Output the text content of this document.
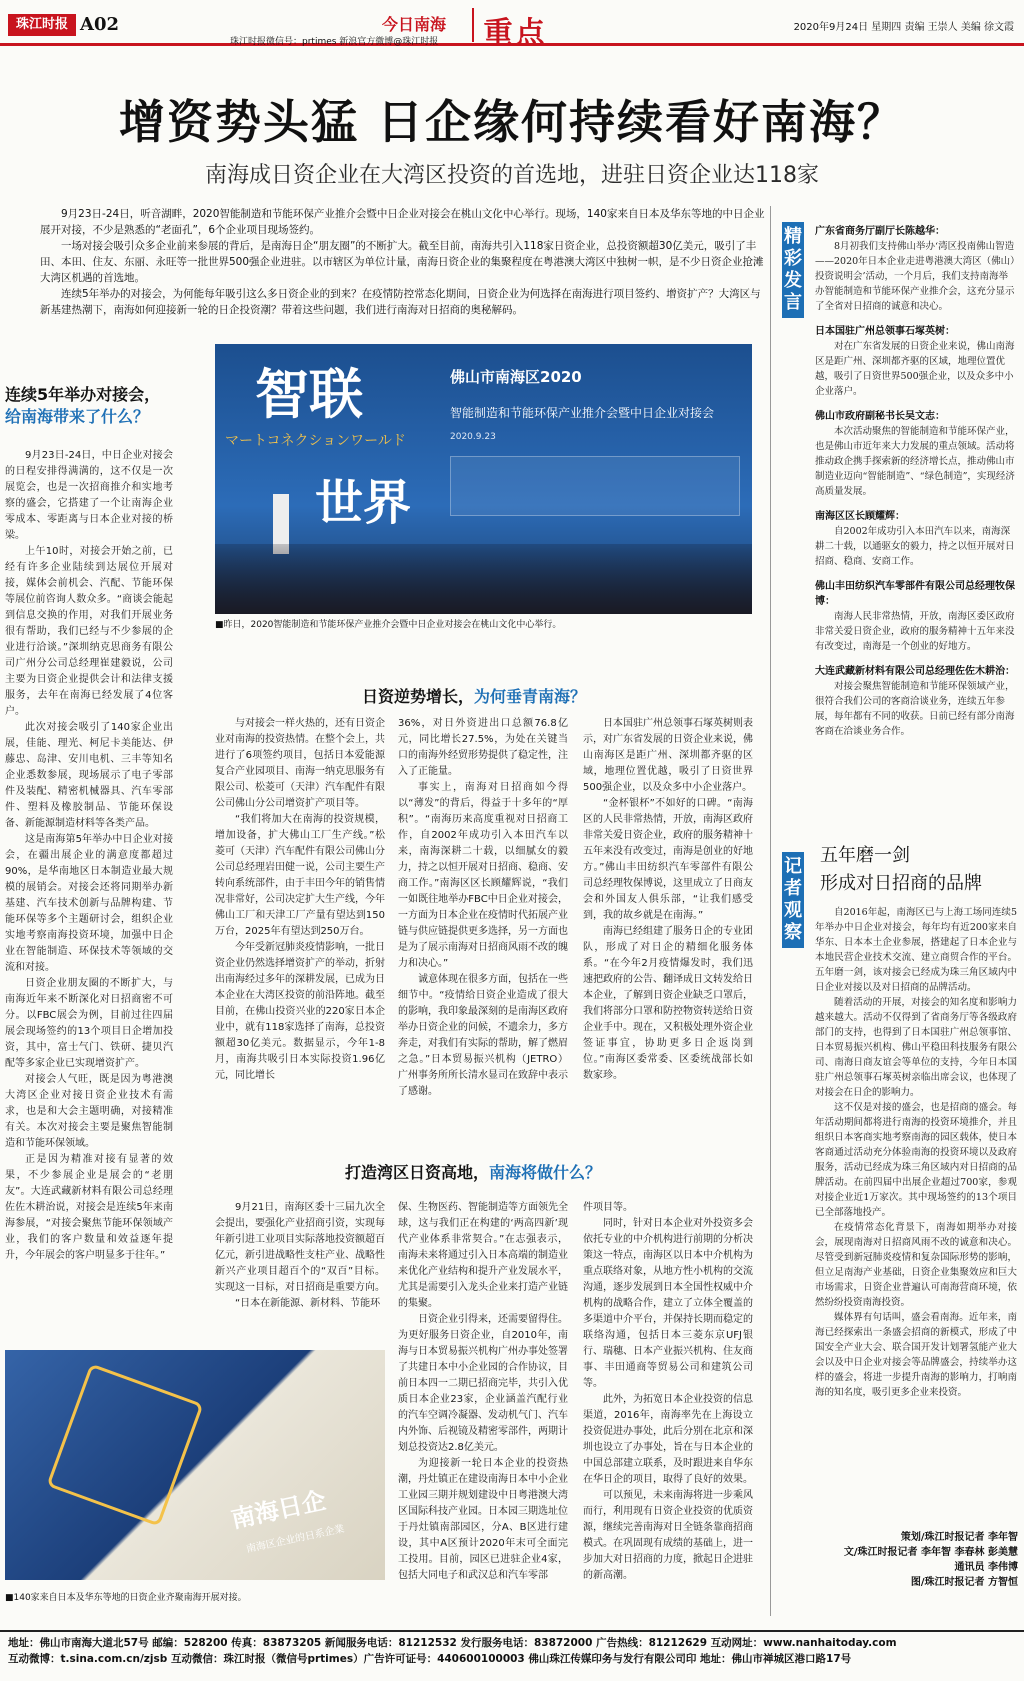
珠江时报 A02
珠江时报微信号：prtimes 新浪官方微博@珠江时报
今日南海 重点	2020年9月24日 星期四 责编 王崇人 美编 徐文霞
增资势头猛 日企缘何持续看好南海？
南海成日资企业在大湾区投资的首选地，进驻日资企业达118家

9月23日-24日，听音湖畔，2020智能制造和节能环保产业推介会暨中日企业对接会在桃山文化中心举行。现场，140家来自日本及华东等地的中日企业展开对接，不少是熟悉的“老面孔”，6个企业项目现场签约。

一场对接会吸引众多企业前来参展的背后，是南海日企“朋友圈”的不断扩大。截至目前，南海共引入118家日资企业，总投资额超30亿美元，吸引了丰田、本田、住友、东丽、永旺等一批世界500强企业进驻。以市辖区为单位计量，南海日资企业的集聚程度在粤港澳大湾区中独树一帜，是不少日资企业抢滩大湾区机遇的首选地。

连续5年举办的对接会，为何能每年吸引这么多日资企业的到来？在疫情防控常态化期间，日资企业为何选择在南海进行项目签约、增资扩产？大湾区与新基建热潮下，南海如何迎接新一轮的日企投资潮？带着这些问题，我们进行南海对日招商的奥秘解码。

连续5年举办对接会，
给南海带来了什么？

9月23日-24日，中日企业对接会的日程安排得满满的，这不仅是一次展览会，也是一次招商推介和实地考察的盛会，它搭建了一个让南海企业零成本、零距离与日本企业对接的桥梁。

上午10时，对接会开始之前，已经有许多企业陆续到达展位开展对接，媒体会前机会、汽配、节能环保等展位前咨询人数众多。“商谈会能起到信息交换的作用，对我们开展业务很有帮助，我们已经与不少参展的企业进行洽谈。”深圳纳克思商务有限公司广州分公司总经理崔建毅说，公司主要为日资企业提供会计和法律支援服务，去年在南海已经发展了4位客户。

此次对接会吸引了140家企业出展，佳能、理光、柯尼卡美能达、伊藤忠、岛津、安川电机、三丰等知名企业悉数参展，现场展示了电子零部件及装配、精密机械器具、汽车零部件、塑料及橡胶制品、节能环保设备、新能源制造材料等各类产品。

这是南海第5年举办中日企业对接会，在疆出展企业的满意度都超过90%，是华南地区日本制造业最大规模的展销会。对接会还将同期举办新基建、汽车技术创新与品牌构建、节能环保等多个主题研讨会，组织企业实地考察南海投资环境，加强中日企业在智能制造、环保技术等领域的交流和对接。

日资企业朋友圈的不断扩大，与南海近年来不断深化对日招商密不可分。以FBC展会为例，目前过往四届展会现场签约的13个项目日企增加投资，其中，富士气门、铁研、捷贝汽配等多家企业已实现增资扩产。

对接会人气旺，既是因为粤港澳大湾区企业对接日资企业技术有需求，也是和大会主题明确，对接精准有关。本次对接会主要是聚焦智能制造和节能环保领域。

正是因为精准对接有显著的效果，不少参展企业是展会的“老朋友”。大连武藏新材料有限公司总经理佐佐木耕治说，对接会是连续5年来南海参展，“对接会聚焦节能环保领域产业，我们的客户数量和效益逐年提升，今年展会的客户明显多于往年。”

智联
マートコネクションワールド
世界
佛山市南海区2020
智能制造和节能环保产业推介会暨中日企业对接会
2020.9.23
■昨日，2020智能制造和节能环保产业推介会暨中日企业对接会在桃山文化中心举行。
日资逆势增长，为何垂青南海？

与对接会一样火热的，还有日资企业对南海的投资热情。在整个会上，共进行了6项签约项目，包括日本爱能源复合产业园项目、南海一纳克思服务有限公司、松菱可（天津）汽车配件有限公司佛山分公司增资扩产项目等。

“我们将加大在南海的投资规模，增加设备，扩大佛山工厂生产线。”松菱可（天津）汽车配件有限公司佛山分公司总经理岩田健一说，公司主要生产转向系统部件，由于丰田今年的销售情况非常好，公司决定扩大生产线，今年佛山工厂和天津工厂产量有望达到150万台，2025年有望达到250万台。

今年受新冠肺炎疫情影响，一批日资企业仍然选择增资扩产的举动，折射出南海经过多年的深耕发展，已成为日本企业在大湾区投资的前沿阵地。截至目前，在佛山投资兴业的220家日本企业中，就有118家选择了南海，总投资额超30亿美元。数据显示，今年1-8月，南海共吸引日本实际投资1.96亿元，同比增长

36%，对日外资进出口总额76.8亿元，同比增长27.5%，为处在关键当口的南海外经贸形势提供了稳定性，注入了正能量。

事实上，南海对日招商如今得以“薄发”的背后，得益于十多年的“厚积”。“南海历来高度重视对日招商工作，自2002年成功引入本田汽车以来，南海深耕二十载，以细腻女的毅力，持之以恒开展对日招商、稳商、安商工作。”南海区区长顾耀辉说，“我们一如既往地举办FBC中日企业对接会，一方面为日本企业在疫情时代拓展产业链与供应链提供更多选择，另一方面也是为了展示南海对日招商风雨不改的魄力和决心。”

诚意体现在很多方面，包括在一些细节中。“疫情给日资企业造成了很大的影响，我印象最深刻的是南海区政府举办日资企业的问候，不遗余力，多方奔走，对我们有实际的帮助，解了燃眉之急。”日本贸易振兴机构（JETRO）广州事务所所长清水显司在致辞中表示了感谢。

日本国驻广州总领事石塚英树则表示，对广东省发展的日资企业来说，佛山南海区是距广州、深圳都齐驱的区域，地理位置优越，吸引了日资世界500强企业，以及众多中小企业落户。

“金杯银杯”不如好的口碑。“南海区的人民非常热情，开放，南海区政府非常关爱日资企业，政府的服务精神十五年来没有改变过，南海是创业的好地方。”佛山丰田纺织汽车零部件有限公司总经理牧保博说，这里成立了日商友会和外国友人俱乐部，“让我们感受到，我的故乡就是在南海。”

南海已经组建了服务日企的专业团队，形成了对日企的精细化服务体系。“在今年2月疫情爆发时，我们迅速把政府的公告、翻译成日文转发给日本企业，了解到日资企业缺乏口罩后，我们将部分口罩和防控物资转送给日资企业手中。现在，又积极处理外资企业签证事宜，协助更多日企返岗到位。”南海区委常委、区委统战部长如数家珍。

打造湾区日资高地，南海将做什么？

9月21日，南海区委十三届九次全会提出，要强化产业招商引资，实现每年新引进工业项目实际落地投资额超百亿元，新引进战略性支柱产业、战略性新兴产业项目超百个的“双百”目标。实现这一目标，对日招商是重要方向。

“日本在新能源、新材料、节能环

保、生物医药、智能制造等方面领先全球，这与我们正在构建的‘两高四新’现代产业体系非常契合。”在志强表示，南海未来将通过引入日本高端的制造业来优化产业结构和提升产业发展水平，尤其是需要引入龙头企业来打造产业链的集聚。

日资企业引得来，还需要留得住。为更好服务日资企业，自2010年，南海与日本贸易振兴机构广州办事处签署了共建日本中小企业园的合作协议，目前日本四一二期已招商完毕，共引入优质日本企业23家，企业涵盖汽配行业的汽车空调冷凝器、发动机气门、汽车内外饰、后视镜及精密零部件，两期计划总投资达2.8亿美元。

为迎接新一轮日本企业的投资热潮，丹灶镇正在建设南海日本中小企业工业园三期并规划建设中日粤港澳大湾区国际科技产业园。日本园三期选址位于丹灶镇南部园区，分A、B区进行建设，其中A区预计2020年末可全面完工投用。目前，园区已进驻企业4家，包括大同电子和武汉总和汽车零部

件项目等。

同时，针对日本企业对外投资多会依托专业的中介机构进行前期的分析决策这一特点，南海区以日本中介机构为重点联络对象，从地方性小机构的交流沟通，逐步发展到日本全国性权威中介机构的战略合作，建立了立体全覆盖的多渠道中介平台，并保持长期而稳定的联络沟通，包括日本三菱东京UFJ银行、瑞穗、日本产业振兴机构、住友商事、丰田通商等贸易公司和建筑公司等。

此外，为拓宽日本企业投资的信息渠道，2016年，南海率先在上海设立投资促进办事处，此后分别在北京和深圳也设立了办事处，旨在与日本企业的中国总部建立联系，及时跟进来自华东在华日企的项目，取得了良好的效果。

可以预见，未来南海将进一步乘风而行，利用现有日资企业投资的优质资源，继续完善南海对日全链条靠商招商模式。在巩固现有成绩的基础上，进一步加大对日招商的力度，掀起日企进驻的新高潮。

南海日企
南海区企业的日系企業
■140家来自日本及华东等地的日资企业齐聚南海开展对接。
精彩发言
广东省商务厅副厅长陈越华：
8月初我们支持佛山举办‘湾区投南佛山智造——2020年日本企业走进粤港澳大湾区（佛山）投资说明会’活动，一个月后，我们支持南海举办智能制造和节能环保产业推介会，这充分显示了全省对日招商的诚意和决心。
日本国驻广州总领事石塚英树：
对在广东省发展的日资企业来说，佛山南海区是距广州、深圳都齐驱的区域，地理位置优越，吸引了日资世界500强企业，以及众多中小企业落户。
佛山市政府副秘书长吴文志：
本次活动聚焦的智能制造和节能环保产业，也是佛山市近年来大力发展的重点领域。活动将推动政企携手探索新的经济增长点，推动佛山市制造业迈向“智能制造”、“绿色制造”，实现经济高质量发展。
南海区区长顾耀辉：
自2002年成功引入本田汽车以来，南海深耕二十载，以通驱女的毅力，持之以恒开展对日招商、稳商、安商工作。
佛山丰田纺织汽车零部件有限公司总经理牧保博：
南海人民非常热情，开放，南海区委区政府非常关爱日资企业，政府的服务精神十五年来没有改变过，南海是一个创业的好地方。
大连武藏新材料有限公司总经理佐佐木耕治：
对接会聚焦智能制造和节能环保领域产业，很符合我们公司的客商洽谈业务，连续五年参展，每年都有不同的收获。日前已经有部分南海客商在洽谈业务合作。
记者观察
五年磨一剑
形成对日招商的品牌

自2016年起，南海区已与上海工场同连续5年举办中日企业对接会，每年均有近200家来自华东、日本本土企业参展，搭建起了日本企业与本地民营企业技术交流、建立商贸合作的平台。五年磨一剑，该对接会已经成为珠三角区域内中日企业对接以及对日招商的品牌活动。

随着活动的开展，对接会的知名度和影响力越来越大。活动不仅得到了省商务厅等各级政府部门的支持，也得到了日本国驻广州总领事馆、日本贸易振兴机构、佛山平稳田科技服务有限公司、南海日商友谊会等单位的支持，今年日本国驻广州总领事石塚英树亲临出席会议，也体现了对接会在日企的影响力。

这不仅是对接的盛会，也是招商的盛会。每年活动期间都将进行南海的投资环境推介，并且组织日本客商实地考察南海的园区载体，使日本客商通过活动充分体验南海的投资环境以及政府服务，活动已经成为珠三角区域内对日招商的品牌活动。在前四届中出展企业超过700家，参观对接企业近1万家次。其中现场签约的13个项目已全部落地投产。

在疫情常态化背景下，南海如期举办对接会，展现南海对日招商风雨不改的诚意和决心。尽管受到新冠肺炎疫情和复杂国际形势的影响，但立足南海产业基础，日资企业集聚效应和巨大市场需求，日资企业普遍认可南海营商环境，依然纷纷投资南海投资。

媒体界有句话叫，盛会看南海。近年来，南海已经探索出一条盛会招商的新模式，形成了中国安全产业大会、联合国开发计划署氢能产业大会以及中日企业对接会等品牌盛会，持续举办这样的盛会，将进一步提升南海的影响力，打响南海的知名度，吸引更多企业来投资。

策划/珠江时报记者 李年智
文/珠江时报记者 李年智 李春林 彭美慧
通讯员 李伟博
图/珠江时报记者 方智恒
地址：佛山市南海大道北57号 邮编：528200 传真：83873205 新闻服务电话：81212532 发行服务电话：83872000 广告热线：81212629 互动网址：www.nanhaitoday.com
互动微博：t.sina.com.cn/zjsb 互动微信：珠江时报（微信号prtimes）广告许可证号：440600100003 佛山珠江传媒印务与发行有限公司印 地址：佛山市禅城区港口路17号
